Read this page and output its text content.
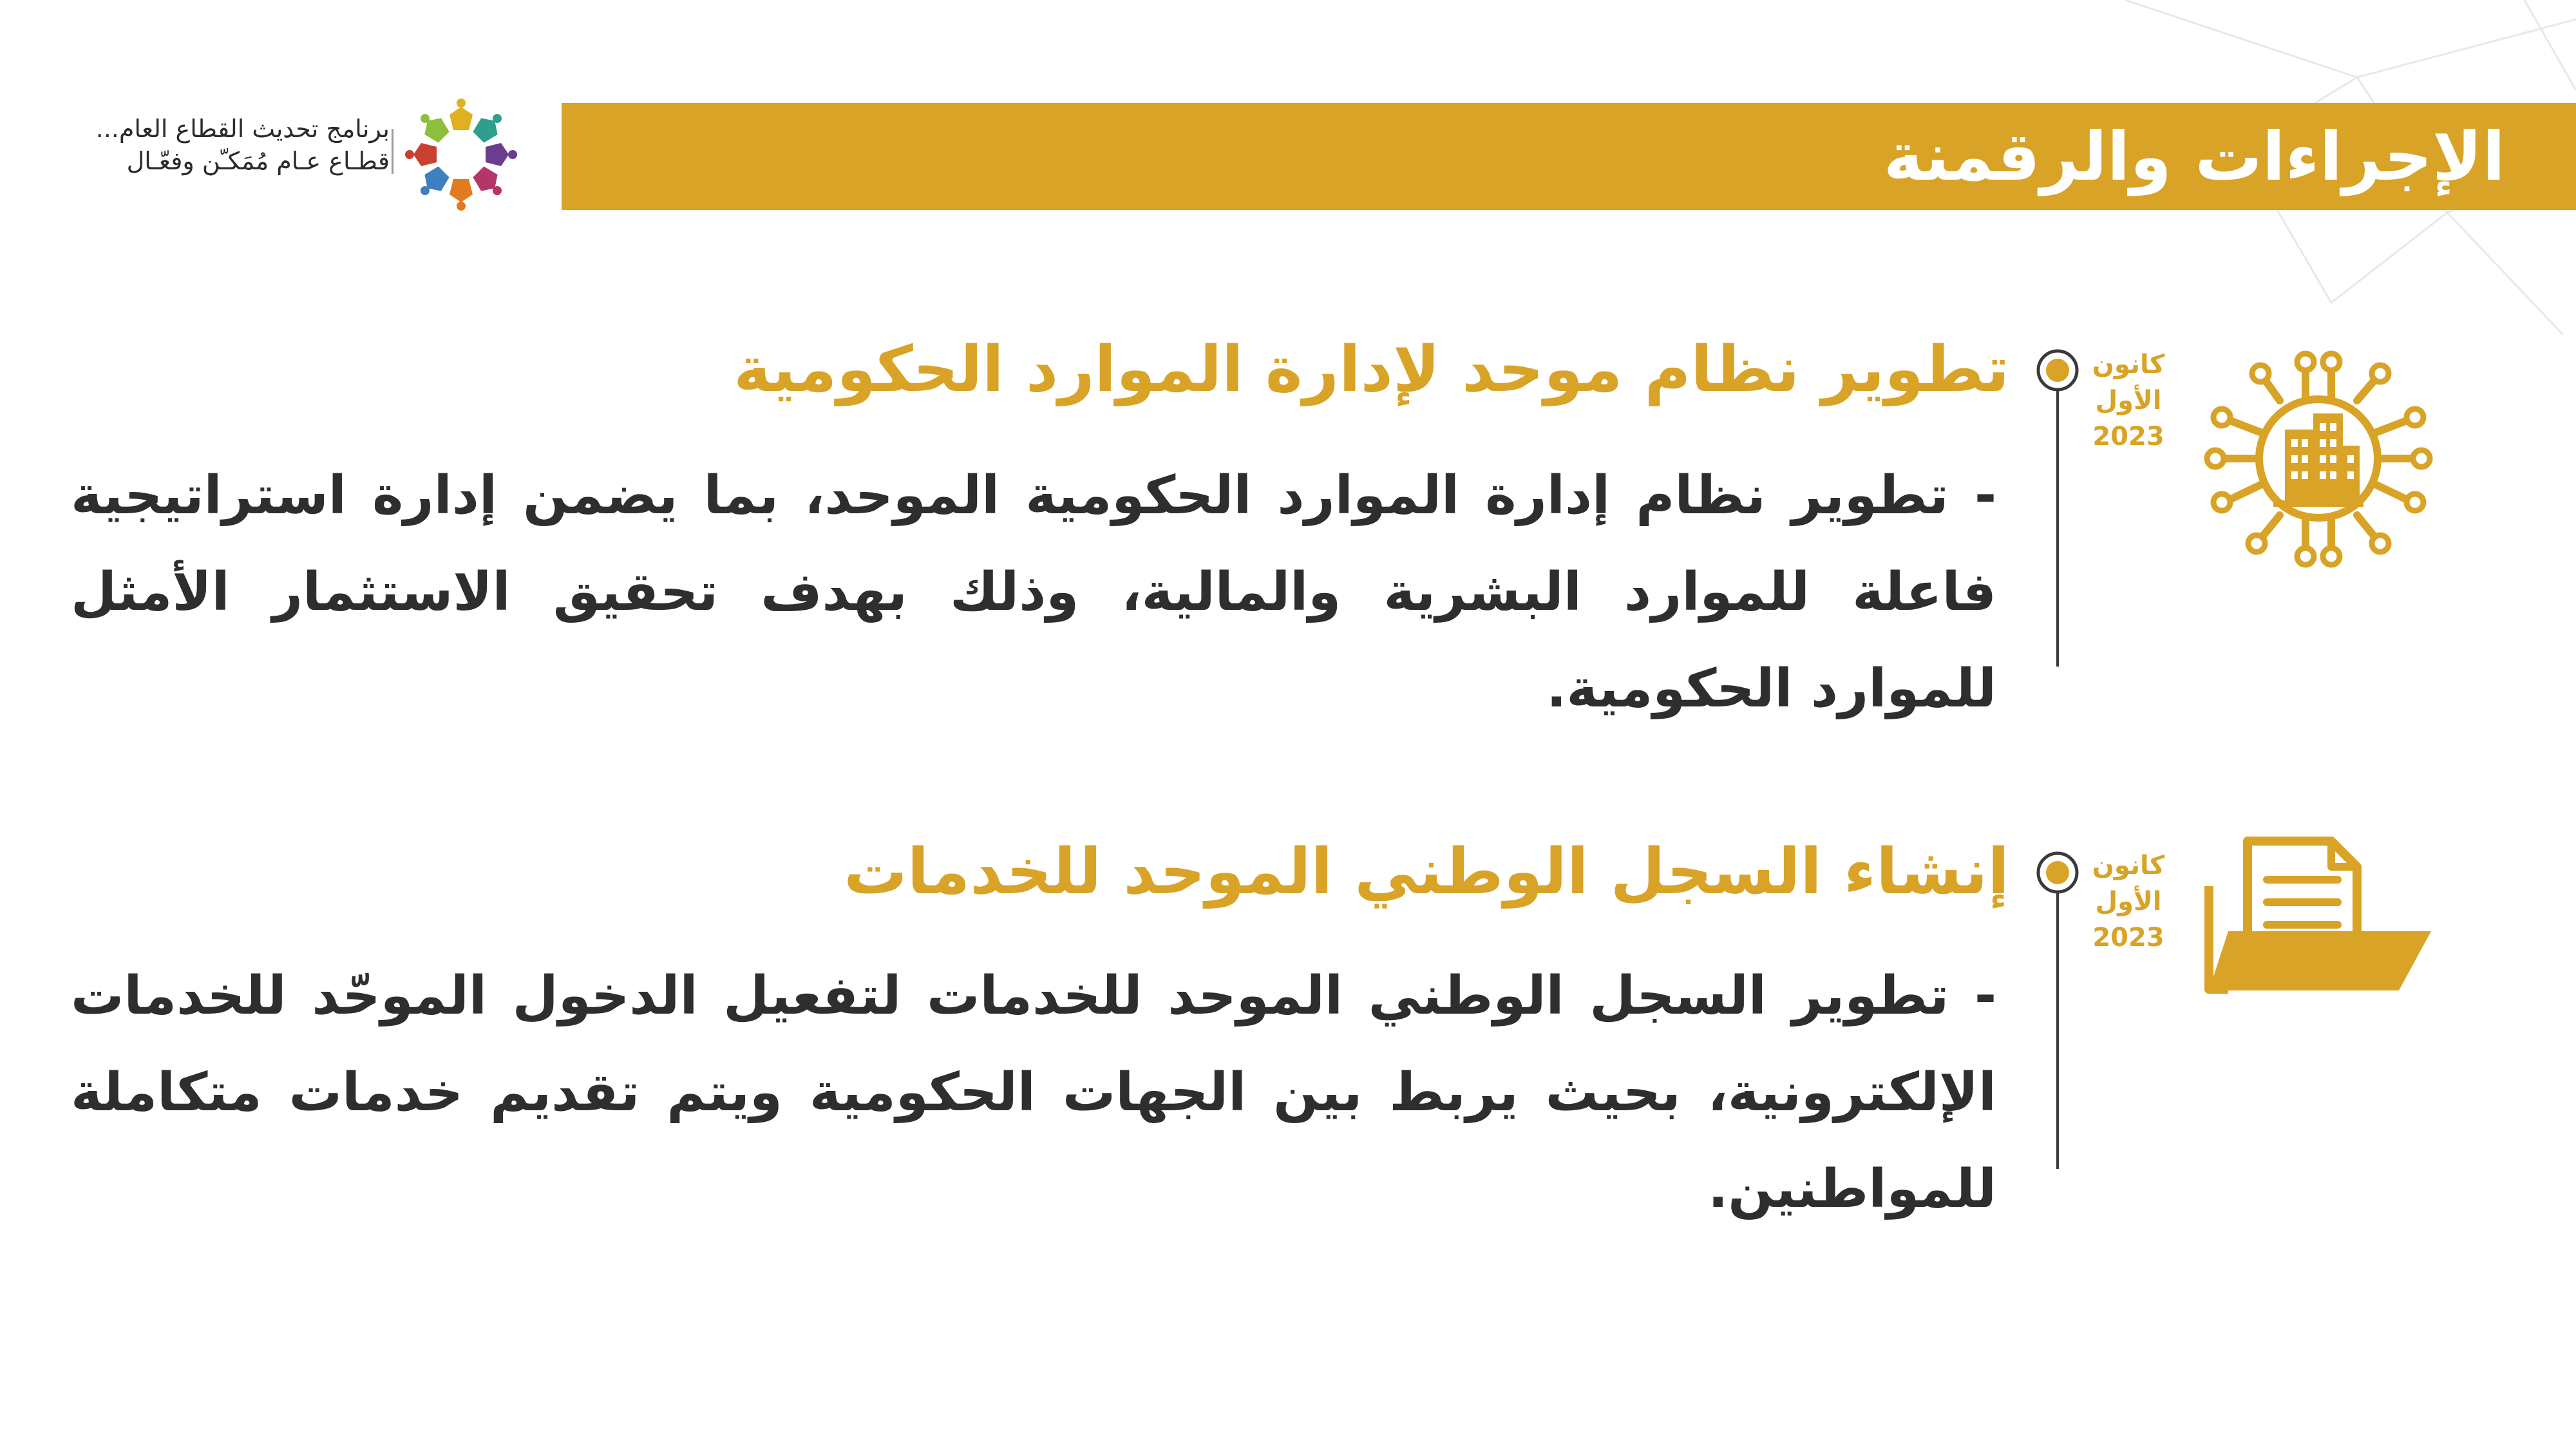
الإجراءات والرقمنة
برنامج تحديث القطاع العام...
قطـاع عـام مُمَكـّن وفعّـال
كانون
الأول
2023
تطوير نظام موحد لإدارة الموارد الحكومية
- تطوير نظام إدارة الموارد الحكومية الموحد، بما يضمن إدارة استراتيجية فاعلة للموارد البشرية والمالية، وذلك بهدف تحقيق الاستثمار الأمثل للموارد الحكومية.
كانون
الأول
2023
إنشاء السجل الوطني الموحد للخدمات
- تطوير السجل الوطني الموحد للخدمات لتفعيل الدخول الموحّد للخدمات الإلكترونية، بحيث يربط بين الجهات الحكومية ويتم تقديم خدمات متكاملة للمواطنين.
